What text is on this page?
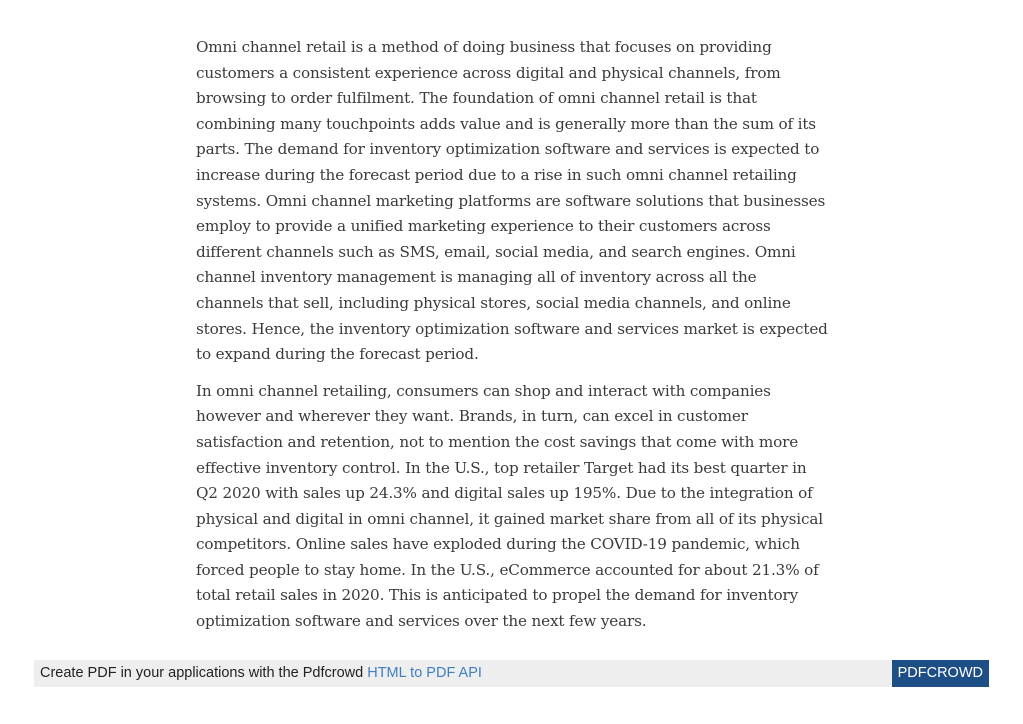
Omni channel retail is a method of doing business that focuses on providing customers a consistent experience across digital and physical channels, from browsing to order fulfilment. The foundation of omni channel retail is that combining many touchpoints adds value and is generally more than the sum of its parts. The demand for inventory optimization software and services is expected to increase during the forecast period due to a rise in such omni channel retailing systems. Omni channel marketing platforms are software solutions that businesses employ to provide a unified marketing experience to their customers across different channels such as SMS, email, social media, and search engines. Omni channel inventory management is managing all of inventory across all the channels that sell, including physical stores, social media channels, and online stores. Hence, the inventory optimization software and services market is expected to expand during the forecast period.

In omni channel retailing, consumers can shop and interact with companies however and wherever they want. Brands, in turn, can excel in customer satisfaction and retention, not to mention the cost savings that come with more effective inventory control. In the U.S., top retailer Target had its best quarter in Q2 2020 with sales up 24.3% and digital sales up 195%. Due to the integration of physical and digital in omni channel, it gained market share from all of its physical competitors. Online sales have exploded during the COVID-19 pandemic, which forced people to stay home. In the U.S., eCommerce accounted for about 21.3% of total retail sales in 2020. This is anticipated to propel the demand for inventory optimization software and services over the next few years.

Create PDF in your applications with the Pdfcrowd HTML to PDF API	PDFCROWD
